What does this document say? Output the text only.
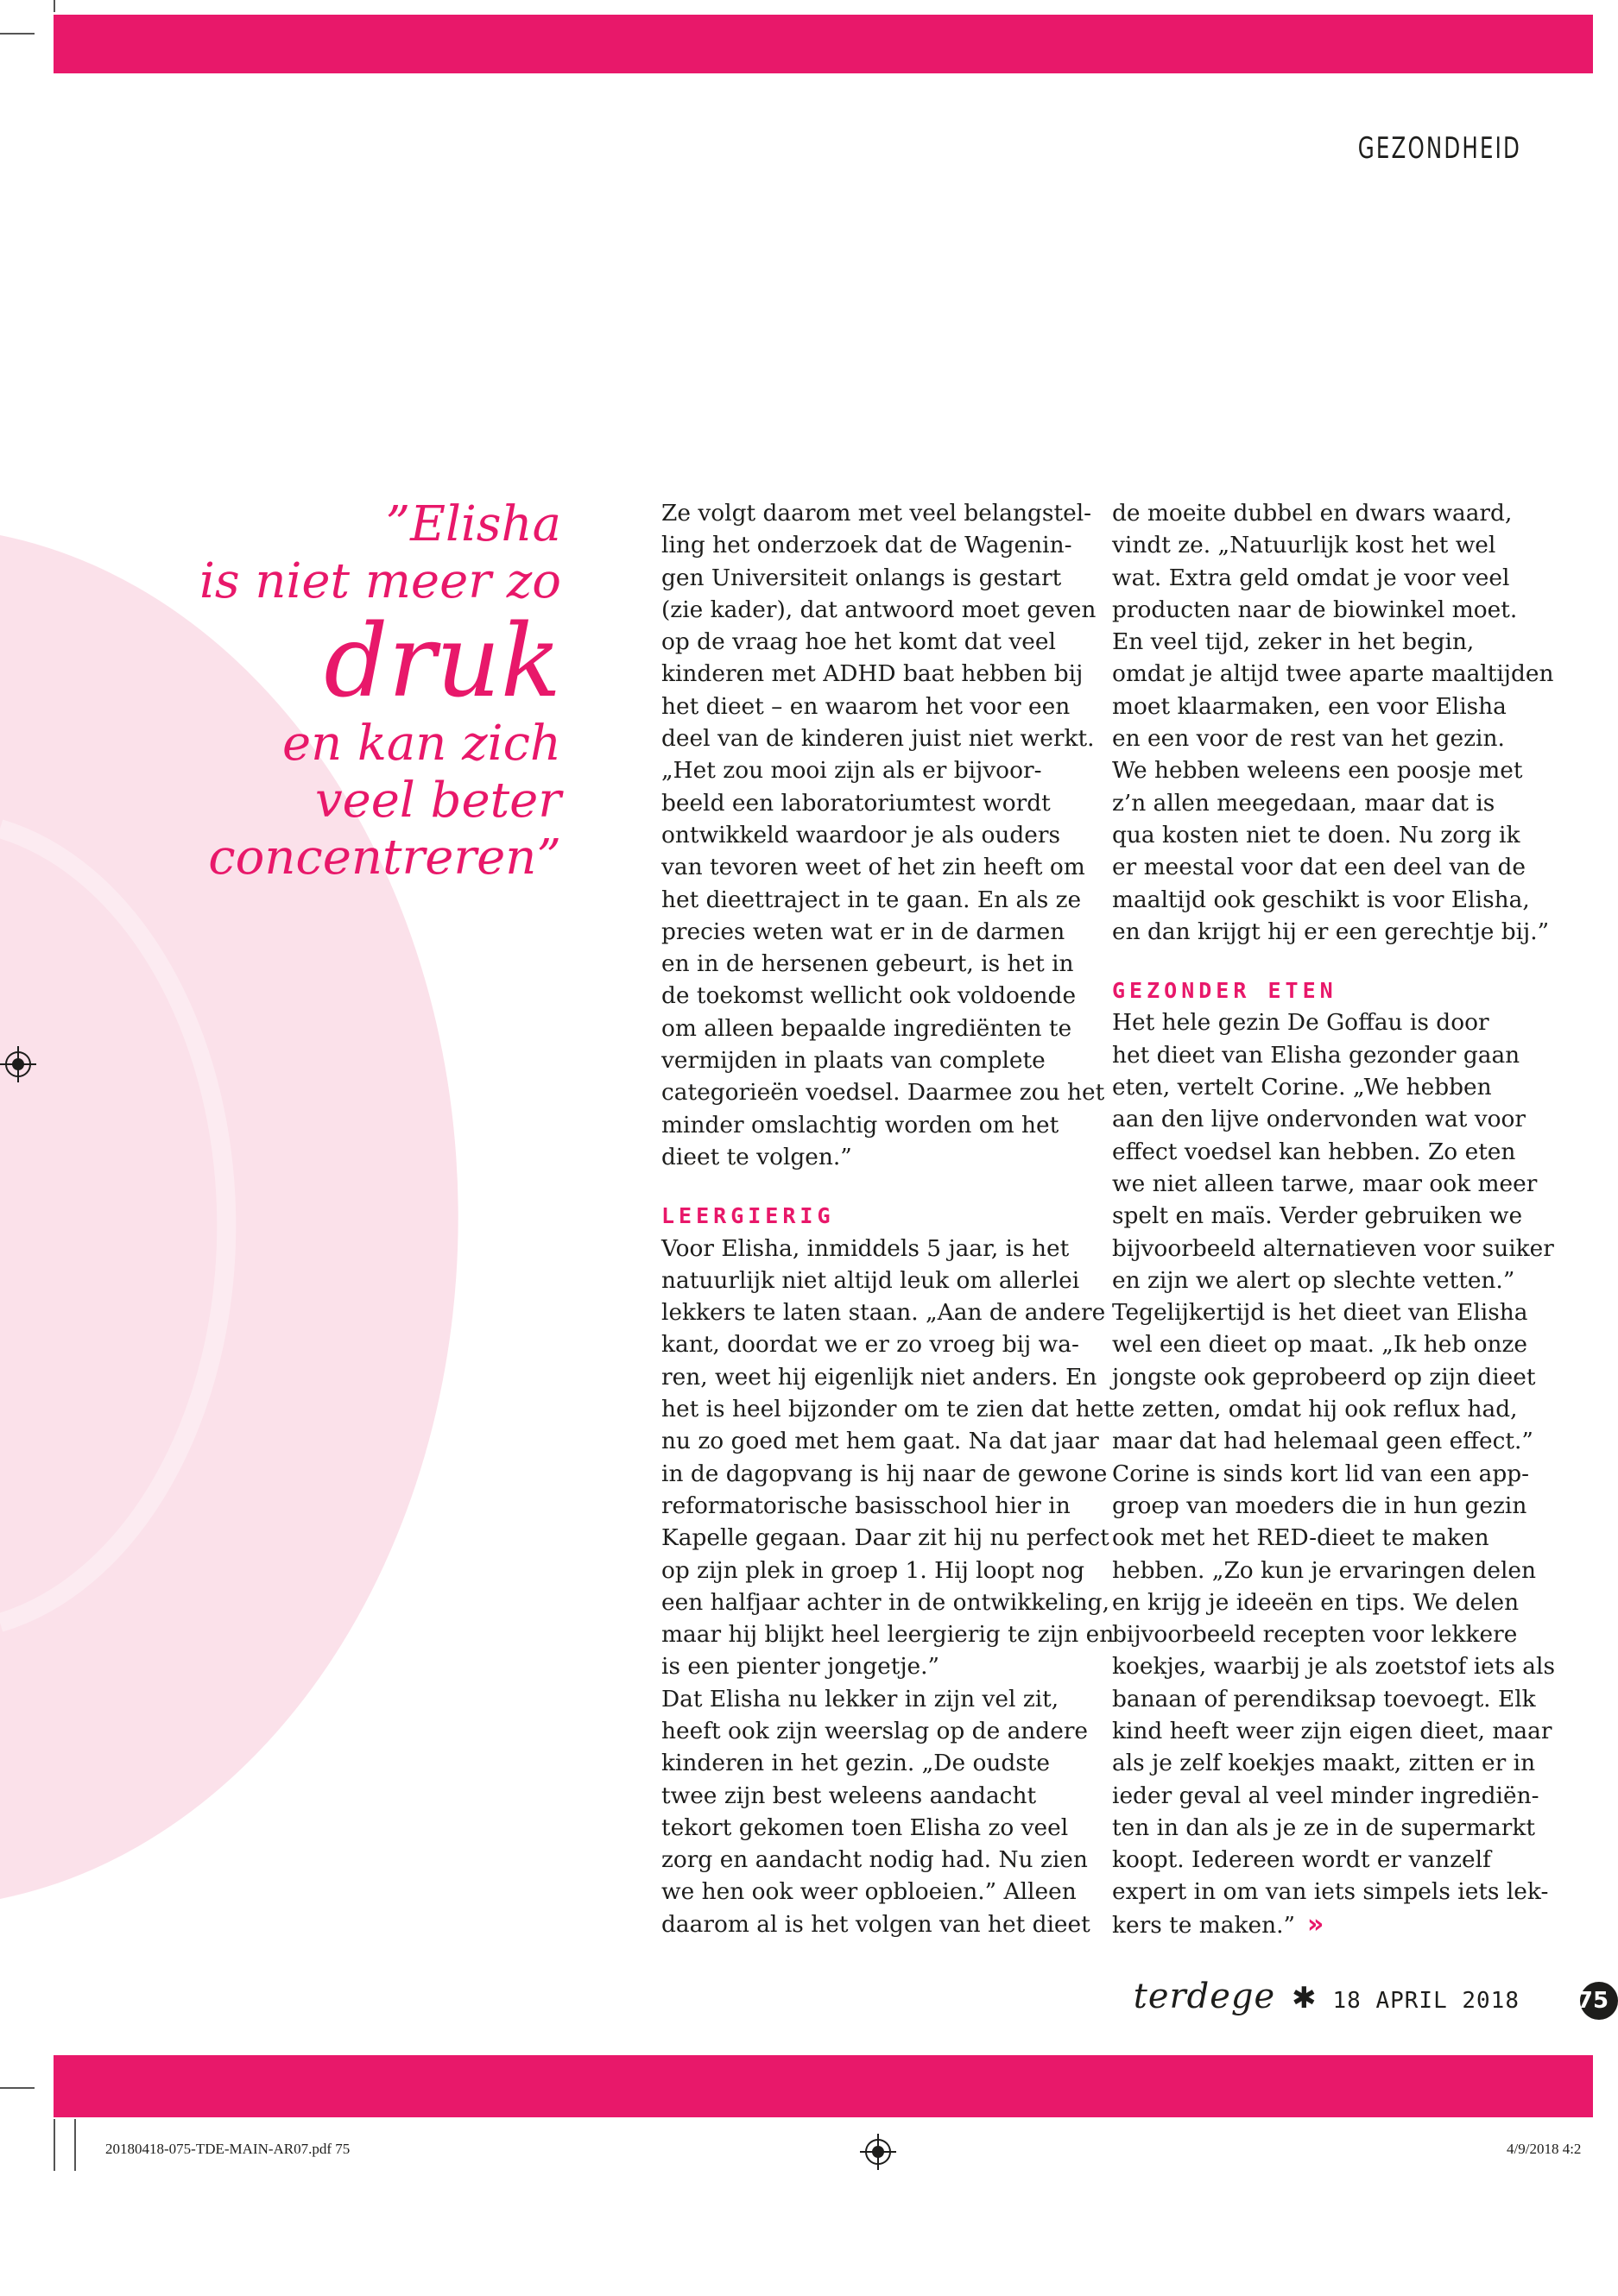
GEZONDHEID
”Elisha
is niet meer zo
druk
en kan zich
veel beter
concentreren”

Ze volgt daarom met veel belangstel-

ling het onderzoek dat de Wagenin-

gen Universiteit onlangs is gestart

(zie kader), dat antwoord moet geven

op de vraag hoe het komt dat veel

kinderen met ADHD baat hebben bij

het dieet – en waarom het voor een

deel van de kinderen juist niet werkt.

„Het zou mooi zijn als er bijvoor-

beeld een laboratoriumtest wordt

ontwikkeld waardoor je als ouders

van tevoren weet of het zin heeft om

het dieettraject in te gaan. En als ze

precies weten wat er in de darmen

en in de hersenen gebeurt, is het in

de toekomst wellicht ook voldoende

om alleen bepaalde ingrediënten te

vermijden in plaats van complete

categorieën voedsel. Daarmee zou het

minder omslachtig worden om het

dieet te volgen.”

LEERGIERIG

Voor Elisha, inmiddels 5 jaar, is het

natuurlijk niet altijd leuk om allerlei

lekkers te laten staan. „Aan de andere

kant, doordat we er zo vroeg bij wa-

ren, weet hij eigenlijk niet anders. En

het is heel bijzonder om te zien dat het

nu zo goed met hem gaat. Na dat jaar

in de dagopvang is hij naar de gewone

reformatorische basisschool hier in

Kapelle gegaan. Daar zit hij nu perfect

op zijn plek in groep 1. Hij loopt nog

een halfjaar achter in de ontwikkeling,

maar hij blijkt heel leergierig te zijn en

is een pienter jongetje.”

Dat Elisha nu lekker in zijn vel zit,

heeft ook zijn weerslag op de andere

kinderen in het gezin. „De oudste

twee zijn best weleens aandacht

tekort gekomen toen Elisha zo veel

zorg en aandacht nodig had. Nu zien

we hen ook weer opbloeien.” Alleen

daarom al is het volgen van het dieet

de moeite dubbel en dwars waard,

vindt ze. „Natuurlijk kost het wel

wat. Extra geld omdat je voor veel

producten naar de biowinkel moet.

En veel tijd, zeker in het begin,

omdat je altijd twee aparte maaltijden

moet klaarmaken, een voor Elisha

en een voor de rest van het gezin.

We hebben weleens een poosje met

z’n allen meegedaan, maar dat is

qua kosten niet te doen. Nu zorg ik

er meestal voor dat een deel van de

maaltijd ook geschikt is voor Elisha,

en dan krijgt hij er een gerechtje bij.”

GEZONDER ETEN

Het hele gezin De Goffau is door

het dieet van Elisha gezonder gaan

eten, vertelt Corine. „We hebben

aan den lijve ondervonden wat voor

effect voedsel kan hebben. Zo eten

we niet alleen tarwe, maar ook meer

spelt en maïs. Verder gebruiken we

bijvoorbeeld alternatieven voor suiker

en zijn we alert op slechte vetten.”

Tegelijkertijd is het dieet van Elisha

wel een dieet op maat. „Ik heb onze

jongste ook geprobeerd op zijn dieet

te zetten, omdat hij ook reflux had,

maar dat had helemaal geen effect.”

Corine is sinds kort lid van een app-

groep van moeders die in hun gezin

ook met het RED-dieet te maken

hebben. „Zo kun je ervaringen delen

en krijg je ideeën en tips. We delen

bijvoorbeeld recepten voor lekkere

koekjes, waarbij je als zoetstof iets als

banaan of perendiksap toevoegt. Elk

kind heeft weer zijn eigen dieet, maar

als je zelf koekjes maakt, zitten er in

ieder geval al veel minder ingrediën-

ten in dan als je ze in de supermarkt

koopt. Iedereen wordt er vanzelf

expert in om van iets simpels iets lek-

kers te maken.” »

terdege ✱ 18 APRIL 2018	75
20180418-075-TDE-MAIN-AR07.pdf 75	4/9/2018 4:2
